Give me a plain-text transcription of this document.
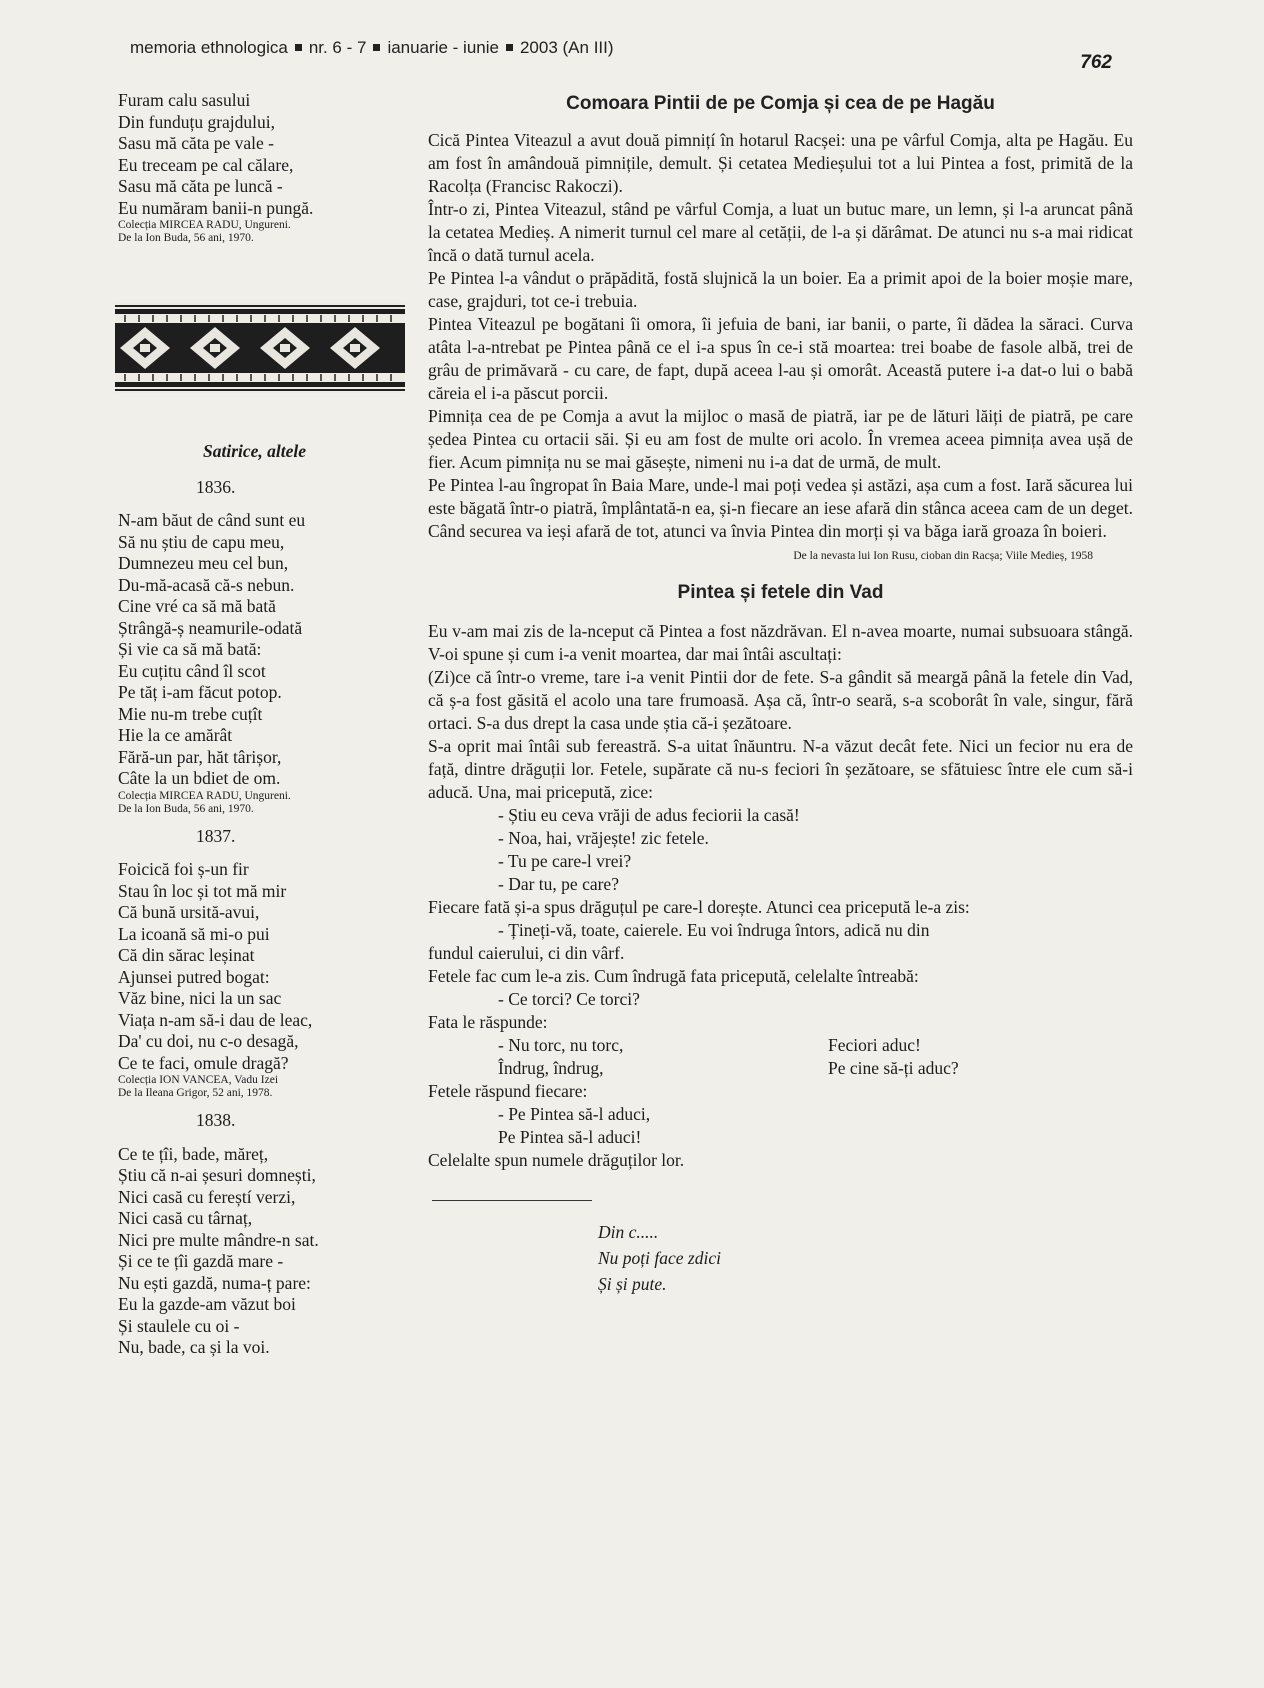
memoria ethnologica nr. 6 - 7 ianuarie - iunie 2003 (An III)
762
Furam calu sasului
Din funduțu grajdului,
Sasu mă căta pe vale -
Eu treceam pe cal călare,
Sasu mă căta pe luncă -
Eu număram banii-n pungă.
Colecția MIRCEA RADU, Ungureni.
De la Ion Buda, 56 ani, 1970.
Satirice, altele
1836.
N-am băut de când sunt eu
Să nu știu de capu meu,
Dumnezeu meu cel bun,
Du-mă-acasă că-s nebun.
Cine vré ca să mă bată
Ștrângă-ș neamurile-odată
Și vie ca să mă bată:
Eu cuțitu când îl scot
Pe tăț i-am făcut potop.
Mie nu-m trebe cuțît
Hie la ce amărât
Fără-un par, hăt târișor,
Câte la un bdiet de om.
Colecția MIRCEA RADU, Ungureni.
De la Ion Buda, 56 ani, 1970.
1837.
Foicică foi ș-un fir
Stau în loc și tot mă mir
Că bună ursită-avui,
La icoană să mi-o pui
Că din sărac leșinat
Ajunsei putred bogat:
Văz bine, nici la un sac
Viața n-am să-i dau de leac,
Da' cu doi, nu c-o desagă,
Ce te faci, omule dragă?
Colecția ION VANCEA, Vadu Izei
De la Ileana Grigor, 52 ani, 1978.
1838.
Ce te țîi, bade, măreț,
Știu că n-ai șesuri domnești,
Nici casă cu fereștí verzi,
Nici casă cu târnaț,
Nici pre multe mândre-n sat.
Și ce te țîi gazdă mare -
Nu ești gazdă, numa-ț pare:
Eu la gazde-am văzut boi
Și staulele cu oi -
Nu, bade, ca și la voi.
Comoara Pintii de pe Comja și cea de pe Hagău

Cică Pintea Viteazul a avut două pimnițí în hotarul Racșei: una pe vârful Comja, alta pe Hagău. Eu am fost în amândouă pimnițile, demult. Și cetatea Medieșului tot a lui Pintea a fost, primită de la Racolța (Francisc Rakoczi).

Într-o zi, Pintea Viteazul, stând pe vârful Comja, a luat un butuc mare, un lemn, și l-a aruncat până la cetatea Medieș. A nimerit turnul cel mare al cetății, de l-a și dărâmat. De atunci nu s-a mai ridicat încă o dată turnul acela.

Pe Pintea l-a vândut o prăpădită, fostă slujnică la un boier. Ea a primit apoi de la boier moșie mare, case, grajduri, tot ce-i trebuia.

Pintea Viteazul pe bogătani îi omora, îi jefuia de bani, iar banii, o parte, îi dădea la săraci. Curva atâta l-a-ntrebat pe Pintea până ce el i-a spus în ce-i stă moartea: trei boabe de fasole albă, trei de grâu de primăvară - cu care, de fapt, după aceea l-au și omorât. Această putere i-a dat-o lui o babă căreia el i-a păscut porcii.

Pimnița cea de pe Comja a avut la mijloc o masă de piatră, iar pe de lături lăiți de piatră, pe care ședea Pintea cu ortacii săi. Și eu am fost de multe ori acolo. În vremea aceea pimnița avea ușă de fier. Acum pimnița nu se mai găsește, nimeni nu i-a dat de urmă, de mult.

Pe Pintea l-au îngropat în Baia Mare, unde-l mai poți vedea și astăzi, așa cum a fost. Iară săcurea lui este băgată într-o piatră, împlântată-n ea, și-n fiecare an iese afară din stânca aceea cam de un deget. Când securea va ieși afară de tot, atunci va învia Pintea din morți și va băga iară groaza în boieri.

De la nevasta lui Ion Rusu, cioban din Racșa; Viile Medieș, 1958
Pintea și fetele din Vad

Eu v-am mai zis de la-nceput că Pintea a fost năzdrăvan. El n-avea moarte, numai subsuoara stângă. V-oi spune și cum i-a venit moartea, dar mai întâi ascultați:

(Zi)ce că într-o vreme, tare i-a venit Pintii dor de fete. S-a gândit să meargă până la fetele din Vad, că ș-a fost găsită el acolo una tare frumoasă. Așa că, într-o seară, s-a scoborât în vale, singur, fără ortaci. S-a dus drept la casa unde știa că-i șezătoare.

S-a oprit mai întâi sub fereastră. S-a uitat înăuntru. N-a văzut decât fete. Nici un fecior nu era de față, dintre drăguții lor. Fetele, supărate că nu-s feciori în șezătoare, se sfătuiesc între ele cum să-i aducă. Una, mai pricepută, zice:

- Știu eu ceva vrăji de adus feciorii la casă!
- Noa, hai, vrăjește! zic fetele.
- Tu pe care-l vrei?
- Dar tu, pe care?

Fiecare fată și-a spus drăguțul pe care-l dorește. Atunci cea pricepută le-a zis:

- Țineți-vă, toate, caierele. Eu voi îndruga întors, adică nu din

fundul caierului, ci din vârf.

Fetele fac cum le-a zis. Cum îndrugă fata pricepută, celelalte întreabă:

- Ce torci? Ce torci?

Fata le răspunde:

- Nu torc, nu torc,
Îndrug, îndrug,
Feciori aduc!
Pe cine să-ți aduc?

Fetele răspund fiecare:

- Pe Pintea să-l aduci,
Pe Pintea să-l aduci!

Celelalte spun numele drăguților lor.

Din c.....
Nu poți face zdici
Și și pute.
